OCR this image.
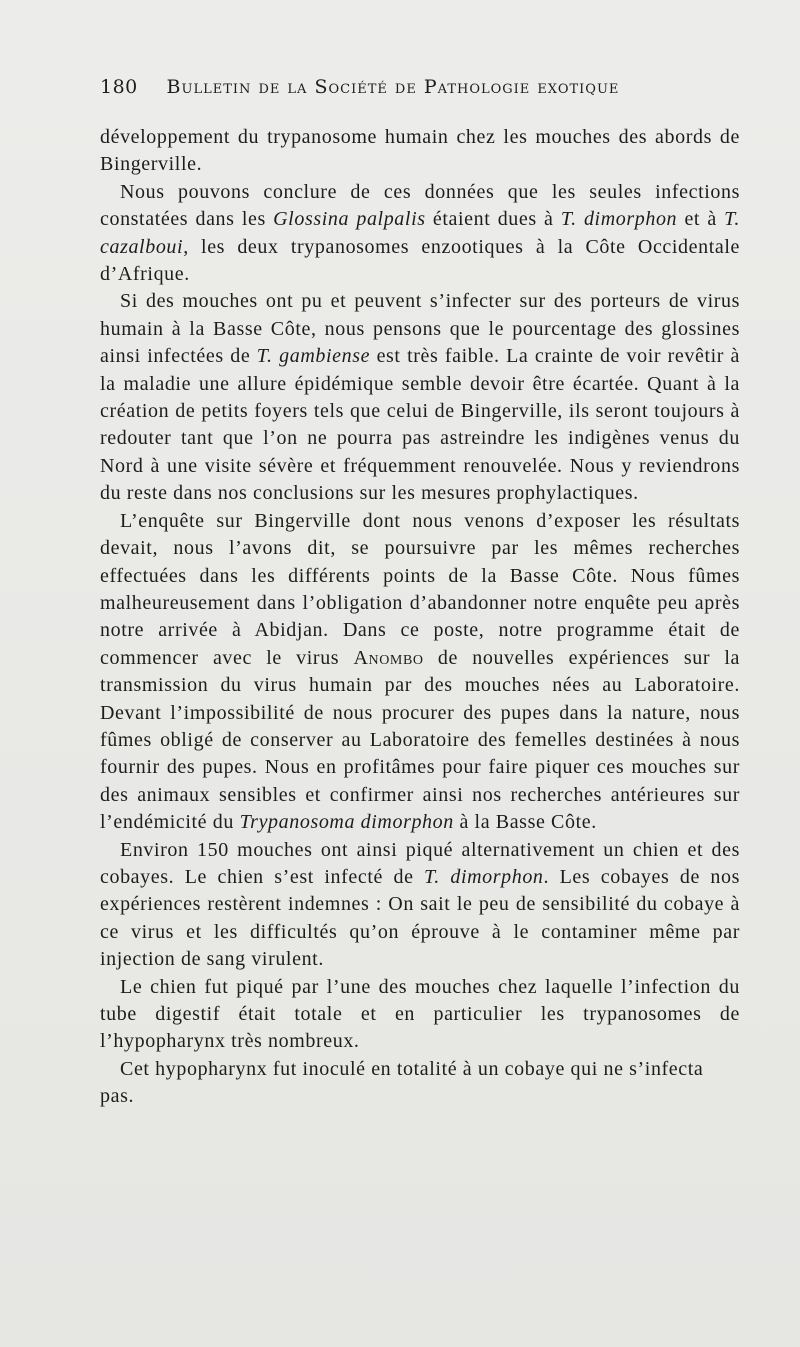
180 Bulletin de la Société de Pathologie exotique

développement du trypanosome humain chez les mouches des abords de Bingerville.

Nous pouvons conclure de ces données que les seules infections constatées dans les Glossina palpalis étaient dues à T. dimorphon et à T. cazalboui, les deux trypanosomes enzootiques à la Côte Occidentale d’Afrique.

Si des mouches ont pu et peuvent s’infecter sur des porteurs de virus humain à la Basse Côte, nous pensons que le pourcentage des glossines ainsi infectées de T. gambiense est très faible. La crainte de voir revêtir à la maladie une allure épidémique semble devoir être écartée. Quant à la création de petits foyers tels que celui de Bingerville, ils seront toujours à redouter tant que l’on ne pourra pas astreindre les indigènes venus du Nord à une visite sévère et fréquemment renouvelée. Nous y reviendrons du reste dans nos conclusions sur les mesures prophylactiques.

L’enquête sur Bingerville dont nous venons d’exposer les résultats devait, nous l’avons dit, se poursuivre par les mêmes recherches effectuées dans les différents points de la Basse Côte. Nous fûmes malheureusement dans l’obligation d’abandonner notre enquête peu après notre arrivée à Abidjan. Dans ce poste, notre programme était de commencer avec le virus Anombo de nouvelles expériences sur la transmission du virus humain par des mouches nées au Laboratoire. Devant l’impossibilité de nous procurer des pupes dans la nature, nous fûmes obligé de conserver au Laboratoire des femelles destinées à nous fournir des pupes. Nous en profitâmes pour faire piquer ces mouches sur des animaux sensibles et confirmer ainsi nos recherches antérieures sur l’endémicité du Trypanosoma dimorphon à la Basse Côte.

Environ 150 mouches ont ainsi piqué alternativement un chien et des cobayes. Le chien s’est infecté de T. dimorphon. Les cobayes de nos expériences restèrent indemnes : On sait le peu de sensibilité du cobaye à ce virus et les difficultés qu’on éprouve à le contaminer même par injection de sang virulent.

Le chien fut piqué par l’une des mouches chez laquelle l’infection du tube digestif était totale et en particulier les trypanosomes de l’hypopharynx très nombreux.

Cet hypopharynx fut inoculé en totalité à un cobaye qui ne s’infecta pas.
